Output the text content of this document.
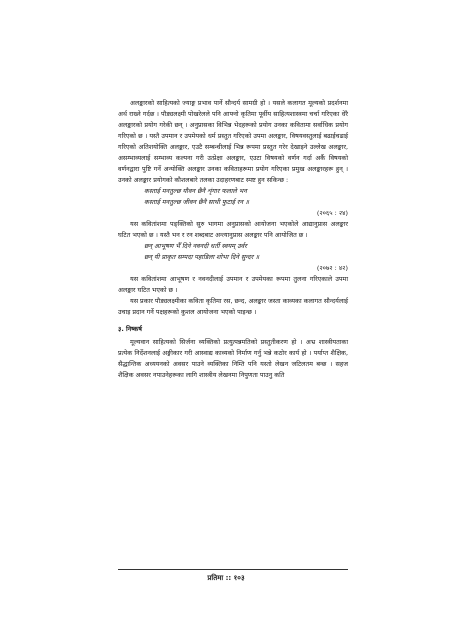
अलङ्कारको साहित्यको ज्याङ्ग प्रभाव पार्ने सौन्दर्य सामग्री हो । यसले कलागत मूल्यको प्रदर्शनमा अर्थ राख्ने गर्दछ । पौड्यलक्ष्मी पोखरेलले पनि आफ्नो कृतिमा पूर्वीय साहित्यशास्त्रमा चर्चा गरिएका धेरै अलङ्कारको प्रयोग गरेकी छन् । अनुप्रासका विभिन्न भेदहरूको प्रयोग उनका कवितामा सर्वाधिक प्रयोग गरिएको छ । यस्तै उपमान र उपमेयको धर्म प्रस्तुत गरिएको उपमा अलङ्कार, विषयवस्तुलाई बढाईचढाई गरिएको अतिशयोक्ति अलङ्कार, एउटै सम्बन्धीलाई भिन्न रूपमा प्रस्तुत गरेर देखाइने उल्लेख अलङ्कार, असम्भाव्यलाई सम्भाव्य कल्पना गरी उत्प्रेक्षा अलङ्कार, एउटा विषयको वर्णन गर्दा अर्कै विषयको वर्णनद्वारा पुष्टि गर्ने अन्योक्ति अलङ्कार उनका कविताहरूमा प्रयोग गरिएका प्रमुख अलङ्कारहरू हुन् । उनको अलङ्कार प्रयोगको कौशलबारे तलका उदाहरणबाट स्पष्ट हुन सकिन्छ :

कस्ताई मनतुल्छ यौवन छैनै शृंगार फलाले भन

कस्ताई मनतुल्छ जीवन छैनै साथी फुटाई रन ॥

(२०६५ : २४)

यस कवितांशमा पङ्क्तिको सुरु भागमा अनुप्रासको आयोजना भएकोले आद्यानुप्रास अलङ्कार घटित भएको छ । यस्तै भन र रन शब्दबाट अन्त्यानुप्रास अलङ्कार पनि आयोजित छ ।

छन् आभूषण भैँ दिने नवनदी धर्ती स्वयम् उर्वर

छन् यी प्राकृत सम्पदा पहाडिला शोभा दिने सुन्दर ॥

(२०७२ : ४२)

यस कवितांशमा आभूषण र नवनदीलाई उपमान र उपमेयका रूपमा तुलना गरिएकाले उपमा अलङ्कार घटित भएको छ ।

यस प्रकार पौड्यलक्ष्मीका कविता कृतिमा रस, छन्द, अलङ्कार जस्ता काव्यका कलागत सौन्दर्यलाई उचाइ प्रदान गर्ने पक्षहरूको कुशल आयोजना भएको पाइन्छ ।

३. निष्कर्ष

मूल्यवान साहित्यको सिर्जना व्यक्तिको प्रत्युत्पन्नमतिको प्रस्तुतीकरण हो । अभ्र शास्त्रीयताका प्रत्येक निर्देशनलाई अङ्गीकार गरी आस्वाद्य काव्यको निर्माण गर्नु भन्ने कठोर कार्य हो । पर्याप्त शैक्षिक, सैद्धान्तिक अध्ययनको अवसर पाउने व्यक्तिका निम्ति पनि यस्तो लेखन जटिलतम बन्छ । सहज शैक्षिक अवसर नपाउनेहरूका लागि शास्त्रीय लेखनमा निपुणता पाउनु कति

प्रतिमा :: १०३
